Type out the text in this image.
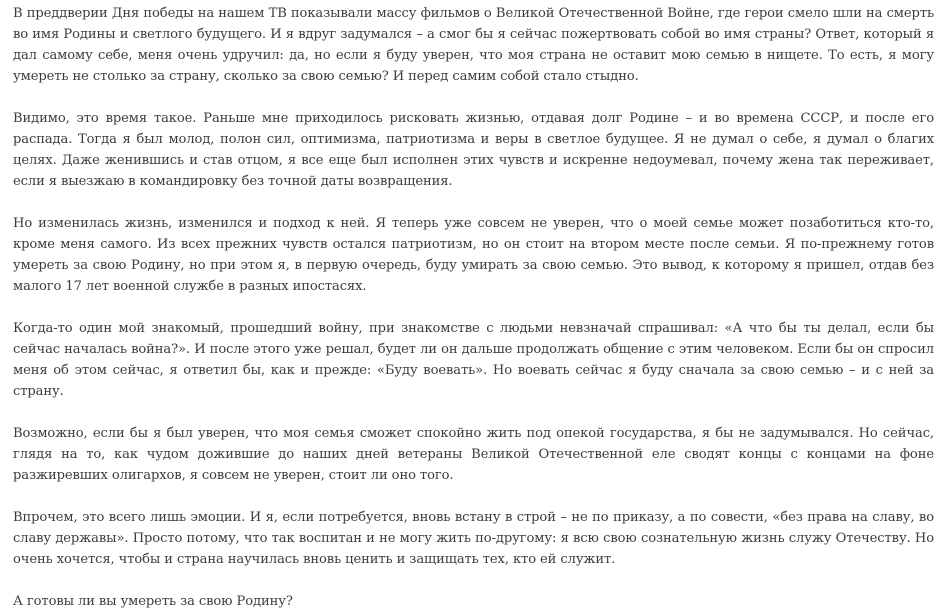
В преддверии Дня победы на нашем ТВ показывали массу фильмов о Великой Отечественной Войне, где герои смело шли на смерть во имя Родины и светлого будущего. И я вдруг задумался – а смог бы я сейчас пожертвовать собой во имя страны? Ответ, который я дал самому себе, меня очень удручил: да, но если я буду уверен, что моя страна не оставит мою семью в нищете. То есть, я могу умереть не столько за страну, сколько за свою семью? И перед самим собой стало стыдно.

Видимо, это время такое. Раньше мне приходилось рисковать жизнью, отдавая долг Родине – и во времена СССР, и после его распада. Тогда я был молод, полон сил, оптимизма, патриотизма и веры в светлое будущее. Я не думал о себе, я думал о благих целях. Даже женившись и став отцом, я все еще был исполнен этих чувств и искренне недоумевал, почему жена так переживает, если я выезжаю в командировку без точной даты возвращения.

Но изменилась жизнь, изменился и подход к ней. Я теперь уже совсем не уверен, что о моей семье может позаботиться кто-то, кроме меня самого. Из всех прежних чувств остался патриотизм, но он стоит на втором месте после семьи. Я по-прежнему готов умереть за свою Родину, но при этом я, в первую очередь, буду умирать за свою семью. Это вывод, к которому я пришел, отдав без малого 17 лет военной службе в разных ипостасях.

Когда-то один мой знакомый, прошедший войну, при знакомстве с людьми невзначай спрашивал: «А что бы ты делал, если бы сейчас началась война?». И после этого уже решал, будет ли он дальше продолжать общение с этим человеком. Если бы он спросил меня об этом сейчас, я ответил бы, как и прежде: «Буду воевать». Но воевать сейчас я буду сначала за свою семью – и с ней за страну.

Возможно, если бы я был уверен, что моя семья сможет спокойно жить под опекой государства, я бы не задумывался. Но сейчас, глядя на то, как чудом дожившие до наших дней ветераны Великой Отечественной еле сводят концы с концами на фоне разжиревших олигархов, я совсем не уверен, стоит ли оно того.

Впрочем, это всего лишь эмоции. И я, если потребуется, вновь встану в строй – не по приказу, а по совести, «без права на славу, во славу державы». Просто потому, что так воспитан и не могу жить по-другому: я всю свою сознательную жизнь служу Отечеству. Но очень хочется, чтобы и страна научилась вновь ценить и защищать тех, кто ей служит.

А готовы ли вы умереть за свою Родину?
